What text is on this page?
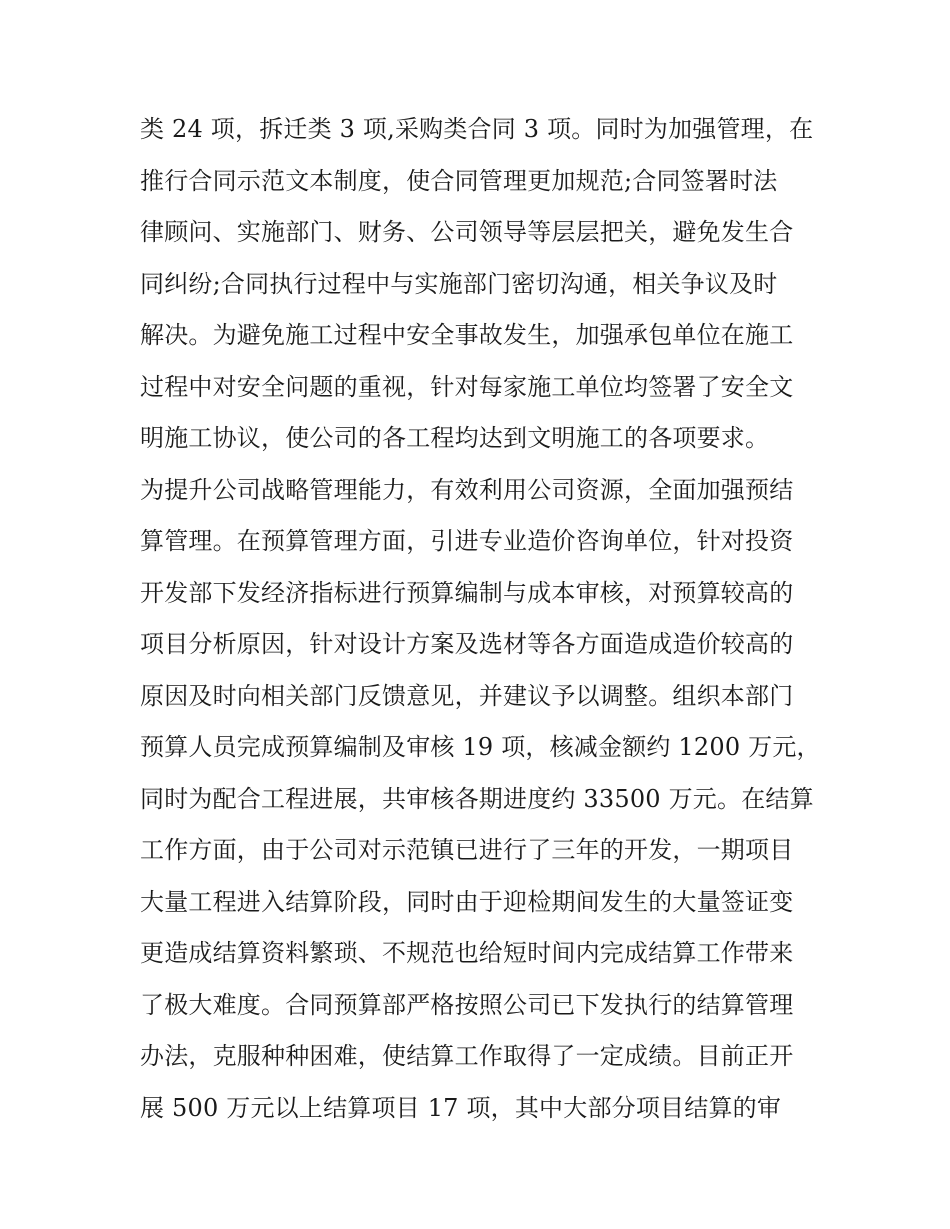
类 24 项，拆迁类 3 项,采购类合同 3 项。同时为加强管理，在
推行合同示范文本制度，使合同管理更加规范;合同签署时法
律顾问、实施部门、财务、公司领导等层层把关，避免发生合
同纠纷;合同执行过程中与实施部门密切沟通，相关争议及时
解决。为避免施工过程中安全事故发生，加强承包单位在施工
过程中对安全问题的重视，针对每家施工单位均签署了安全文
明施工协议，使公司的各工程均达到文明施工的各项要求。
为提升公司战略管理能力，有效利用公司资源，全面加强预结
算管理。在预算管理方面，引进专业造价咨询单位，针对投资
开发部下发经济指标进行预算编制与成本审核，对预算较高的
项目分析原因，针对设计方案及选材等各方面造成造价较高的
原因及时向相关部门反馈意见，并建议予以调整。组织本部门
预算人员完成预算编制及审核 19 项，核减金额约 1200 万元，
同时为配合工程进展，共审核各期进度约 33500 万元。在结算
工作方面，由于公司对示范镇已进行了三年的开发，一期项目
大量工程进入结算阶段，同时由于迎检期间发生的大量签证变
更造成结算资料繁琐、不规范也给短时间内完成结算工作带来
了极大难度。合同预算部严格按照公司已下发执行的结算管理
办法，克服种种困难，使结算工作取得了一定成绩。目前正开
展 500 万元以上结算项目 17 项，其中大部分项目结算的审
